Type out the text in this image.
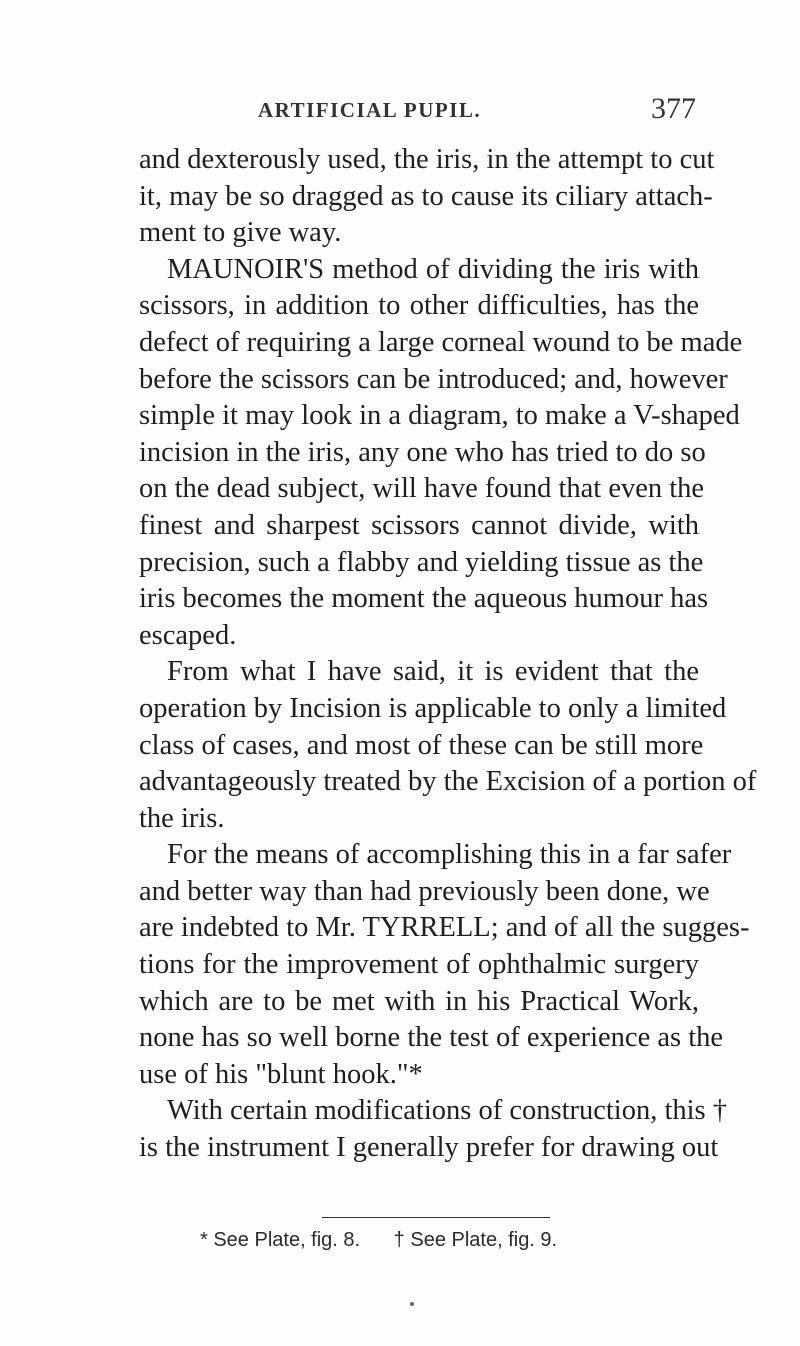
ARTIFICIAL PUPIL.	377
and dexterously used, the iris, in the attempt to cut
it, may be so dragged as to cause its ciliary attach-
ment to give way.
MAUNOIR'S method of dividing the iris with
scissors, in addition to other difficulties, has the
defect of requiring a large corneal wound to be made
before the scissors can be introduced; and, however
simple it may look in a diagram, to make a V-shaped
incision in the iris, any one who has tried to do so
on the dead subject, will have found that even the
finest and sharpest scissors cannot divide, with
precision, such a flabby and yielding tissue as the
iris becomes the moment the aqueous humour has
escaped.
From what I have said, it is evident that the
operation by Incision is applicable to only a limited
class of cases, and most of these can be still more
advantageously treated by the Excision of a portion of
the iris.
For the means of accomplishing this in a far safer
and better way than had previously been done, we
are indebted to Mr. TYRRELL; and of all the sugges-
tions for the improvement of ophthalmic surgery
which are to be met with in his Practical Work,
none has so well borne the test of experience as the
use of his "blunt hook."*
With certain modifications of construction, this †
is the instrument I generally prefer for drawing out
* See Plate, fig. 8. † See Plate, fig. 9.
